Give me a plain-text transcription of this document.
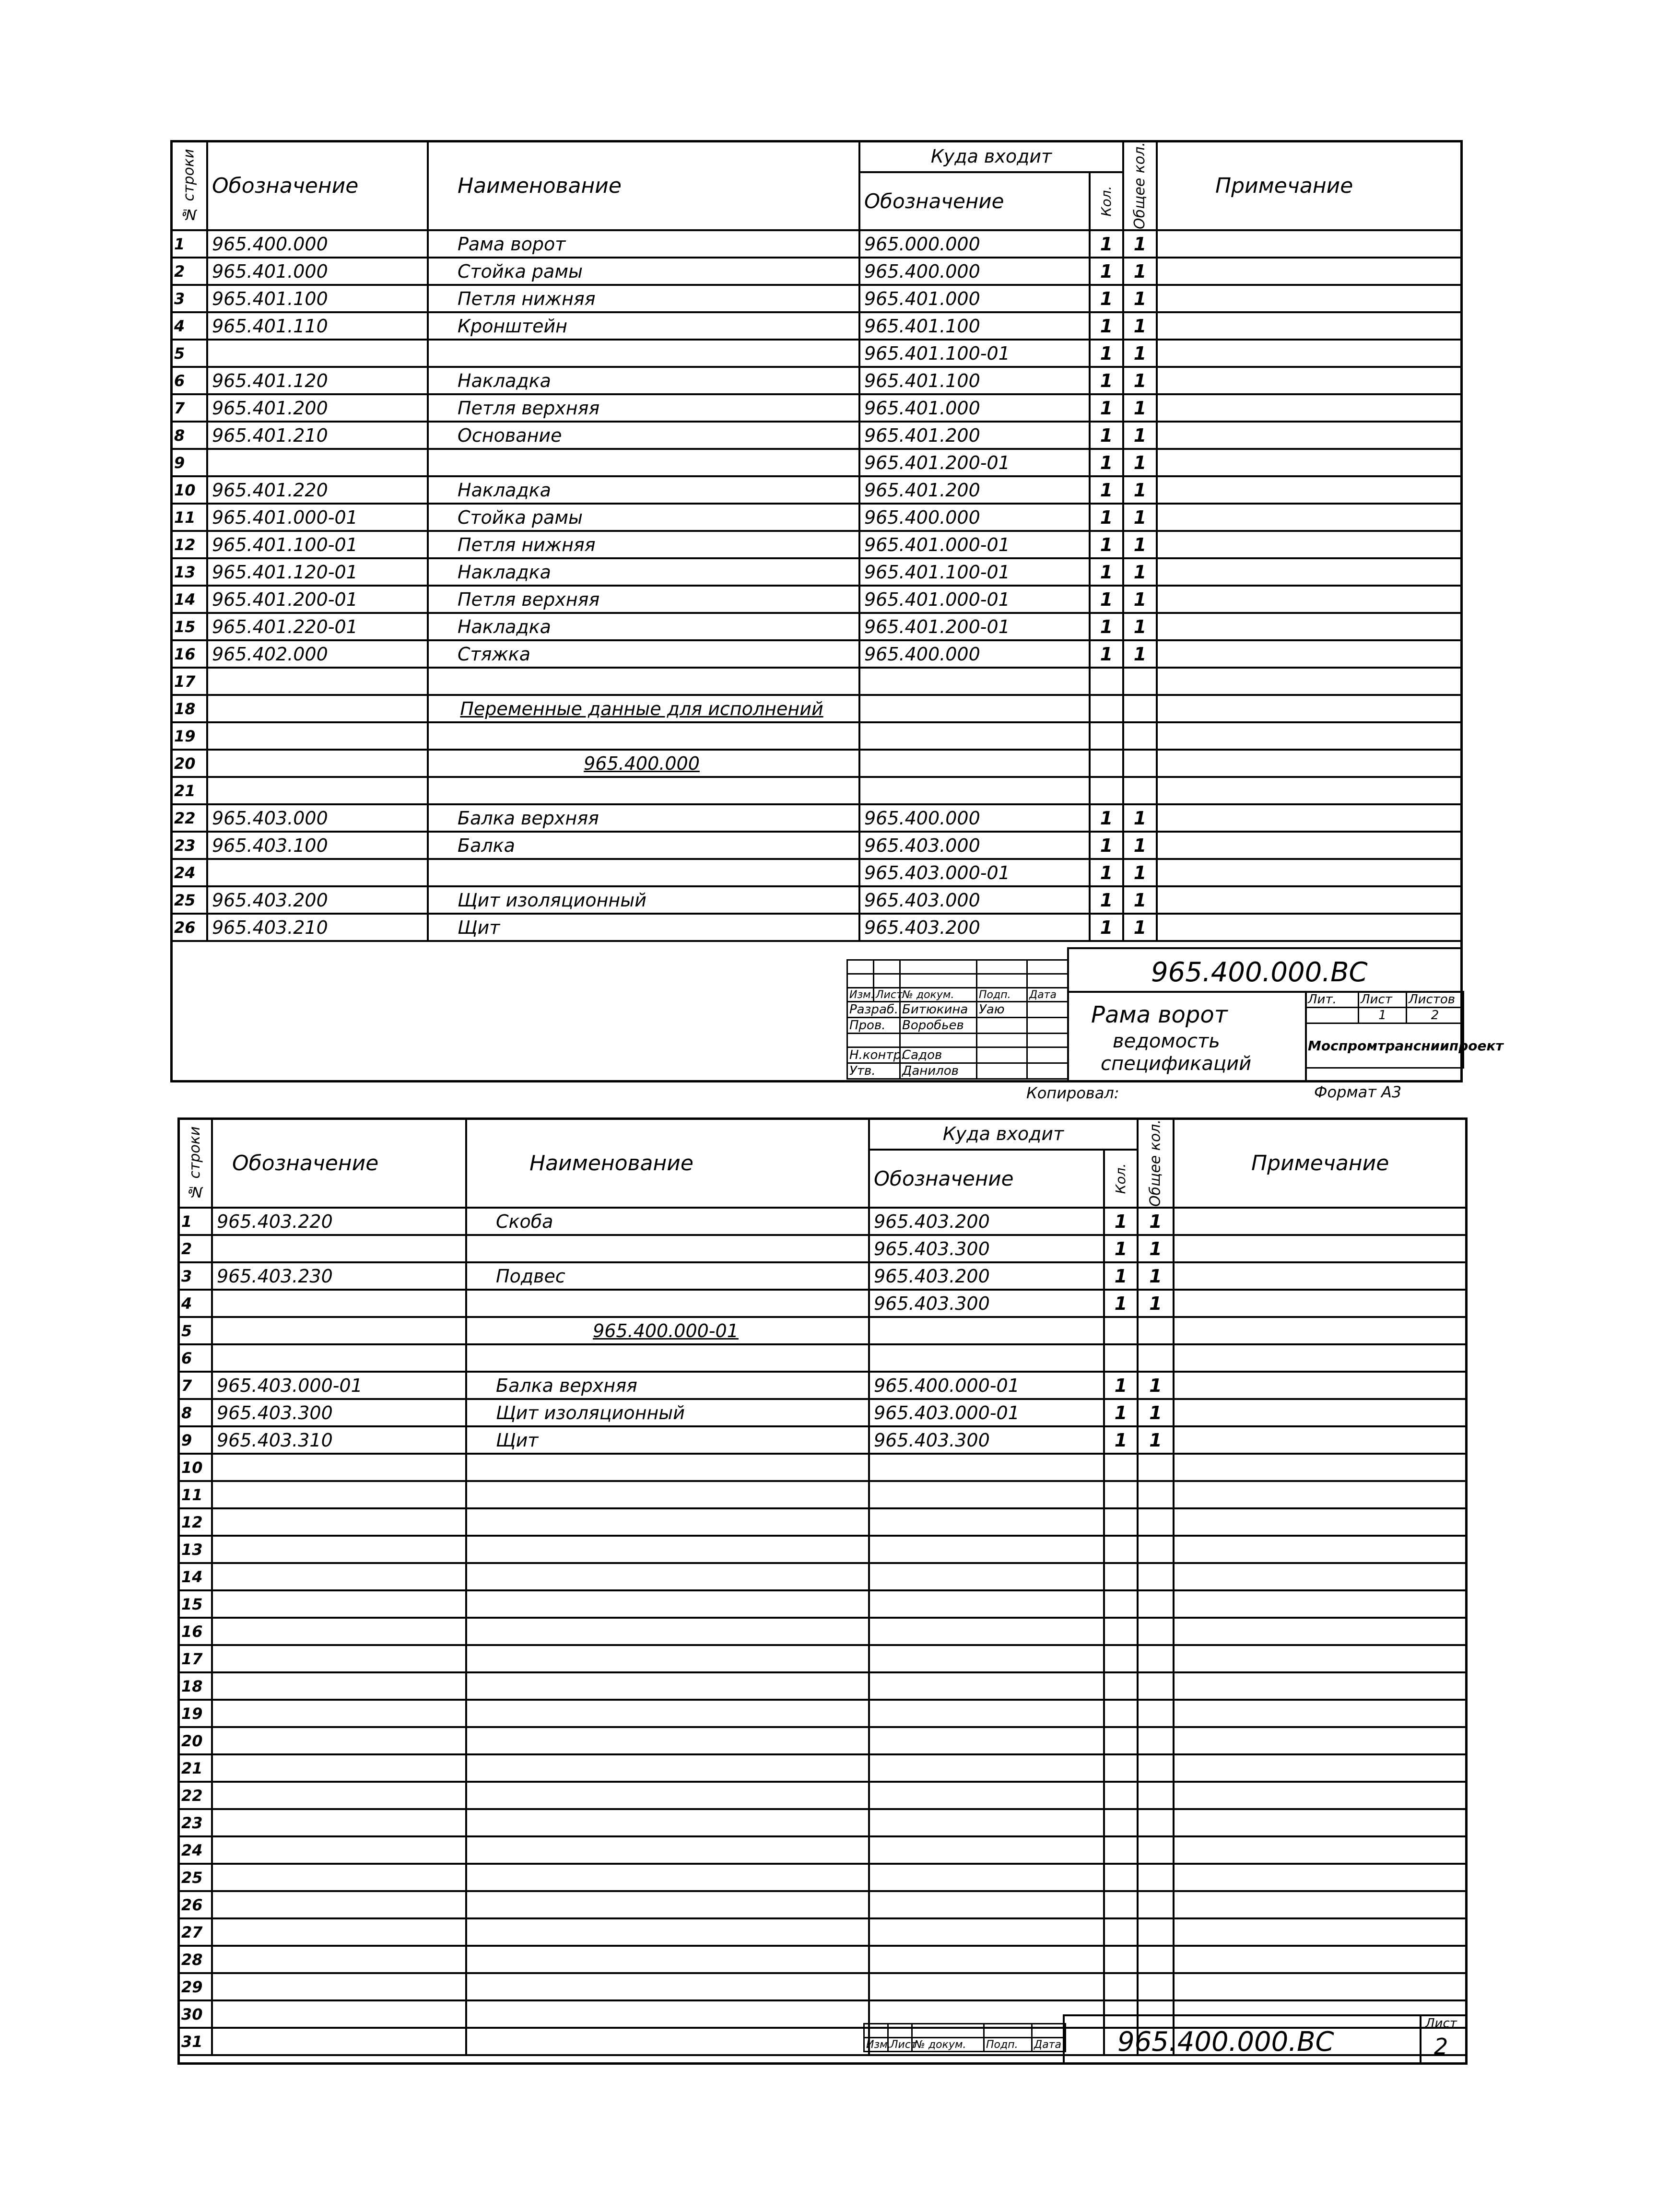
№ строки	Обозначение	Наименование	Куда входит		Общее кол.	Примечание
			Обозначение	Кол.		
1	965.400.000	Рама ворот	965.000.000	1	1	
2	965.401.000	Стойка рамы	965.400.000	1	1	
3	965.401.100	Петля нижняя	965.401.000	1	1	
4	965.401.110	Кронштейн	965.401.100	1	1	
5			965.401.100-01	1	1	
6	965.401.120	Накладка	965.401.100	1	1	
7	965.401.200	Петля верхняя	965.401.000	1	1	
8	965.401.210	Основание	965.401.200	1	1	
9			965.401.200-01	1	1	
10	965.401.220	Накладка	965.401.200	1	1	
11	965.401.000-01	Стойка рамы	965.400.000	1	1	
12	965.401.100-01	Петля нижняя	965.401.000-01	1	1	
13	965.401.120-01	Накладка	965.401.100-01	1	1	
14	965.401.200-01	Петля верхняя	965.401.000-01	1	1	
15	965.401.220-01	Накладка	965.401.200-01	1	1	
16	965.402.000	Стяжка	965.400.000	1	1	
17						
18		Переменные данные для исполнений				
19						
20		965.400.000				
21						
22	965.403.000	Балка верхняя	965.400.000	1	1	
23	965.403.100	Балка	965.403.000	1	1	
24			965.403.000-01	1	1	
25	965.403.200	Щит изоляционный	965.403.000	1	1	
26	965.403.210	Щит	965.403.200	1	1	

Изм.	Лист	№ докум.	Подп.	Дата
Разраб.		Битюкина	Уаю	
Пров.		Воробьев		

Н.контр.		Садов		
Утв.		Данилов		
965.400.000.ВС
Рама ворот
ведомость
спецификаций
Лит.	Лист	Листов
	1	2
Моспромтрансниипроект		
Копировал:	Формат А3
№ строки	Обозначение	Наименование	Куда входит		Общее кол.	Примечание
			Обозначение	Кол.		
1	965.403.220	Скоба	965.403.200	1	1	
2			965.403.300	1	1	
3	965.403.230	Подвес	965.403.200	1	1	
4			965.403.300	1	1	
5		965.400.000-01				
6						
7	965.403.000-01	Балка верхняя	965.400.000-01	1	1	
8	965.403.300	Щит изоляционный	965.403.000-01	1	1	
9	965.403.310	Щит	965.403.300	1	1	
10						
11						
12						
13						
14						
15						
16						
17						
18						
19						
20						
21						
22						
23						
24						
25						
26						
27						
28						
29						
30						
31						
					Изм.	Лист	№ докум.	Подп.	Дата 965.400.000.ВС
Лист
2
